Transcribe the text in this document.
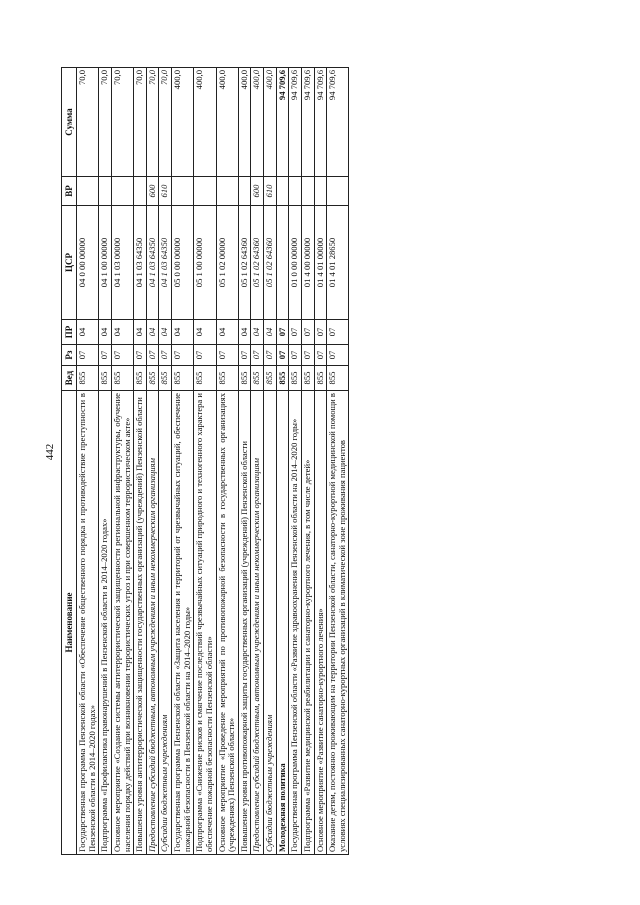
442
Наименование	Вед	Рз	ПР	ЦСР	ВР	Сумма
Государственная программа Пензенской области «Обеспечение общественного порядка и противодействие преступности в Пензенской области в 2014–2020 годах»	855	07	04	04 0 00 00000		70,0
Подпрограмма «Профилактика правонарушений в Пензенской области в 2014–2020 годах»	855	07	04	04 1 00 00000		70,0
Основное мероприятие «Создание системы антитеррористической защищенности региональной инфраструктуры, обучение населения порядку действий при возникновении террористических угроз и при совершенном террористическом акте»	855	07	04	04 1 03 00000		70,0
Повышение уровня антитеррористической защищенности государственных организаций (учреждений) Пензенской области	855	07	04	04 1 03 64350		70,0
Предоставление субсидий бюджетным, автономным учреждениям и иным некоммерческим организациям	855	07	04	04 1 03 64350	600	70,0
Субсидии бюджетным учреждениям	855	07	04	04 1 03 64350	610	70,0
Государственная программа Пензенской области «Защита населения и территорий от чрезвычайных ситуаций, обеспечение пожарной безопасности в Пензенской области на 2014–2020 годы»	855	07	04	05 0 00 00000		400,0
Подпрограмма «Снижение рисков и смягчение последствий чрезвычайных ситуаций природного и техногенного характера и обеспечение пожарной безопасности Пензенской области»	855	07	04	05 1 00 00000		400,0
Основное мероприятие «Проведение мероприятий по противопожарной безопасности в государственных организациях (учреждениях) Пензенской области»	855	07	04	05 1 02 00000		400,0
Повышение уровня противопожарной защиты государственных организаций (учреждений) Пензенской области	855	07	04	05 1 02 64360		400,0
Предоставление субсидий бюджетным, автономным учреждениям и иным некоммерческим организациям	855	07	04	05 1 02 64360	600	400,0
Субсидии бюджетным учреждениям	855	07	04	05 1 02 64360	610	400,0
Молодежная политика	855	07	07			94 709,6
Государственная программа Пензенской области «Развитие здравоохранения Пензенской области на 2014–2020 годы»	855	07	07	01 0 00 00000		94 709,6
Подпрограмма «Развитие медицинской реабилитации и санаторно-курортного лечения, в том числе детей»	855	07	07	01 4 00 00000		94 709,6
Основное мероприятие «Развитие санаторно-курортного лечения»	855	07	07	01 4 01 00000		94 709,6
Оказание детям, постоянно проживающим на территории Пензенской области, санаторно-курортной медицинской помощи в условиях специализированных санаторно-курортных организаций в климатической зоне проживания пациентов	855	07	07	01 4 01 28650		94 709,6
